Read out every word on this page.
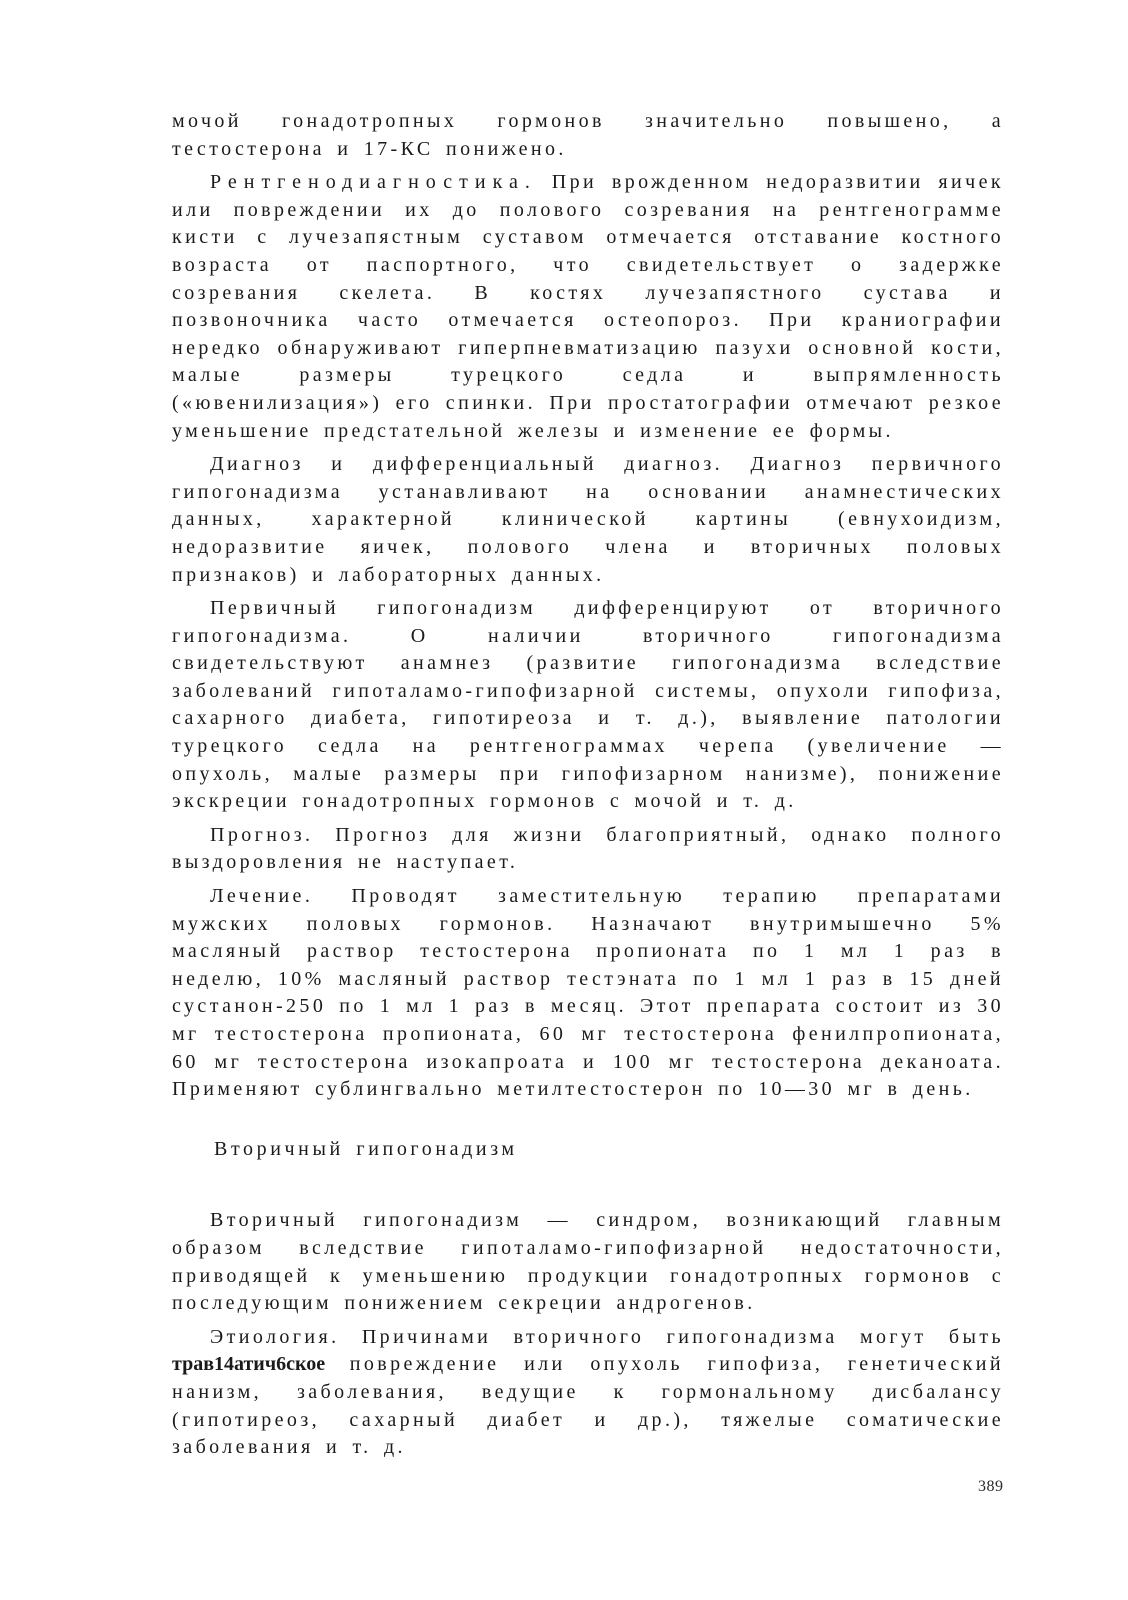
мочой гонадотропных гормонов значительно повышено, а тестостерона и 17-КС понижено.

Рентгенодиагностика. При врожденном недоразвитии яичек или повреждении их до полового созревания на рентгенограмме кисти с лучезапястным суставом отмечается отставание костного возраста от паспортного, что свидетельствует о задержке созревания скелета. В костях лучезапястного сустава и позвоночника часто отмечается остеопороз. При краниографии нередко обнаруживают гиперпневматизацию пазухи основной кости, малые размеры турецкого седла и выпрямленность («ювенилизация») его спинки. При простатографии отмечают резкое уменьшение предстательной железы и изменение ее формы.

Диагноз и дифференциальный диагноз. Диагноз первичного гипогонадизма устанавливают на основании анамнестических данных, характерной клинической картины (евнухоидизм, недоразвитие яичек, полового члена и вторичных половых признаков) и лабораторных данных.

Первичный гипогонадизм дифференцируют от вторичного гипогонадизма. О наличии вторичного гипогонадизма свидетельствуют анамнез (развитие гипогонадизма вследствие заболеваний гипоталамо-гипофизарной системы, опухоли гипофиза, сахарного диабета, гипотиреоза и т. д.), выявление патологии турецкого седла на рентгенограммах черепа (увеличение — опухоль, малые размеры при гипофизарном нанизме), понижение экскреции гонадотропных гормонов с мочой и т. д.

Прогноз. Прогноз для жизни благоприятный, однако полного выздоровления не наступает.

Лечение. Проводят заместительную терапию препаратами мужских половых гормонов. Назначают внутримышечно 5% масляный раствор тестостерона пропионата по 1 мл 1 раз в неделю, 10% масляный раствор тестэната по 1 мл 1 раз в 15 дней сустанон-250 по 1 мл 1 раз в месяц. Этот препарата состоит из 30 мг тестостерона пропионата, 60 мг тестостерона фенилпропионата, 60 мг тестостерона изокапроата и 100 мг тестостерона деканоата. Применяют сублингвально метилтестостерон по 10—30 мг в день.

Вторичный гипогонадизм

Вторичный гипогонадизм — синдром, возникающий главным образом вследствие гипоталамо-гипофизарной недостаточности, приводящей к уменьшению продукции гонадотропных гормонов с последующим понижением секреции андрогенов.

Этиология. Причинами вторичного гипогонадизма могут быть трав14атич6ское повреждение или опухоль гипофиза, генетический нанизм, заболевания, ведущие к гормональному дисбалансу (гипотиреоз, сахарный диабет и др.), тяжелые соматические заболевания и т. д.

389
